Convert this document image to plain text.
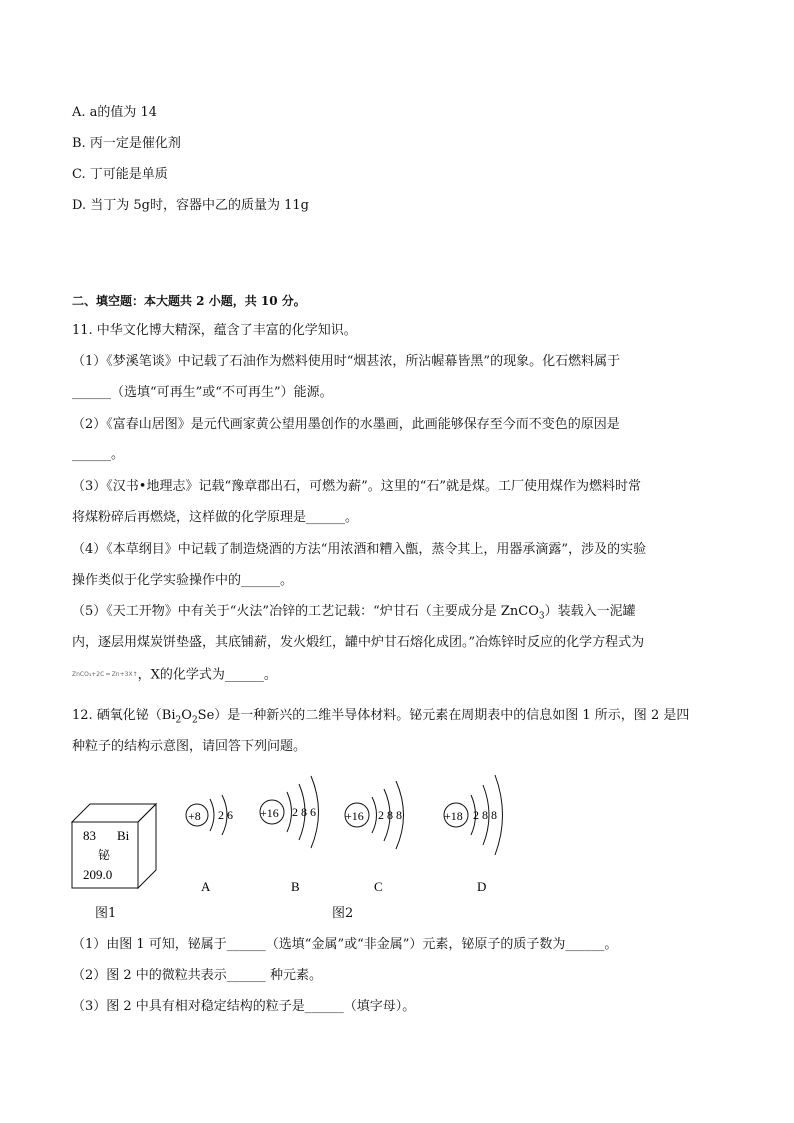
A. a的值为 14
B. 丙一定是催化剂
C. 丁可能是单质
D. 当丁为 5g时，容器中乙的质量为 11g
二、填空题：本大题共 2 小题，共 10 分。
11. 中华文化博大精深，蕴含了丰富的化学知识。
（1）《梦溪笔谈》中记载了石油作为燃料使用时“烟甚浓，所沾幄幕皆黑”的现象。化石燃料属于
______（选填“可再生”或“不可再生”）能源。
（2）《富春山居图》是元代画家黄公望用墨创作的水墨画，此画能够保存至今而不变色的原因是
______。
（3）《汉书•地理志》记载“豫章郡出石，可燃为薪”。这里的“石”就是煤。工厂使用煤作为燃料时常
将煤粉碎后再燃烧，这样做的化学原理是______。
（4）《本草纲目》中记载了制造烧酒的方法“用浓酒和糟入甑，蒸令其上，用器承滴露”，涉及的实验
操作类似于化学实验操作中的______。
（5）《天工开物》中有关于“火法”冶锌的工艺记载：“炉甘石（主要成分是 ZnCO$_3$）装载入一泥罐
内，逐层用煤炭饼垫盛，其底铺薪，发火煅红，罐中炉甘石熔化成团。”冶炼锌时反应的化学方程式为
ZnCO₃+2C ═ Zn+3X↑，X的化学式为______。
12. 硒氧化铋$(Bi_2O_2Se)$是一种新兴的二维半导体材料。铋元素在周期表中的信息如图 1 所示，图 2 是四
种粒子的结构示意图，请回答下列问题。
83 Bi
铋
209.0
图1
+8 2 6
A
+16 2 8 6
B
+16 2 8 8
C
+18 2 8 8
D
图2
（1）由图 1 可知，铋属于______（选填“金属”或“非金属”）元素，铋原子的质子数为______。
（2）图 2 中的微粒共表示______ 种元素。
（3）图 2 中具有相对稳定结构的粒子是______（填字母）。
